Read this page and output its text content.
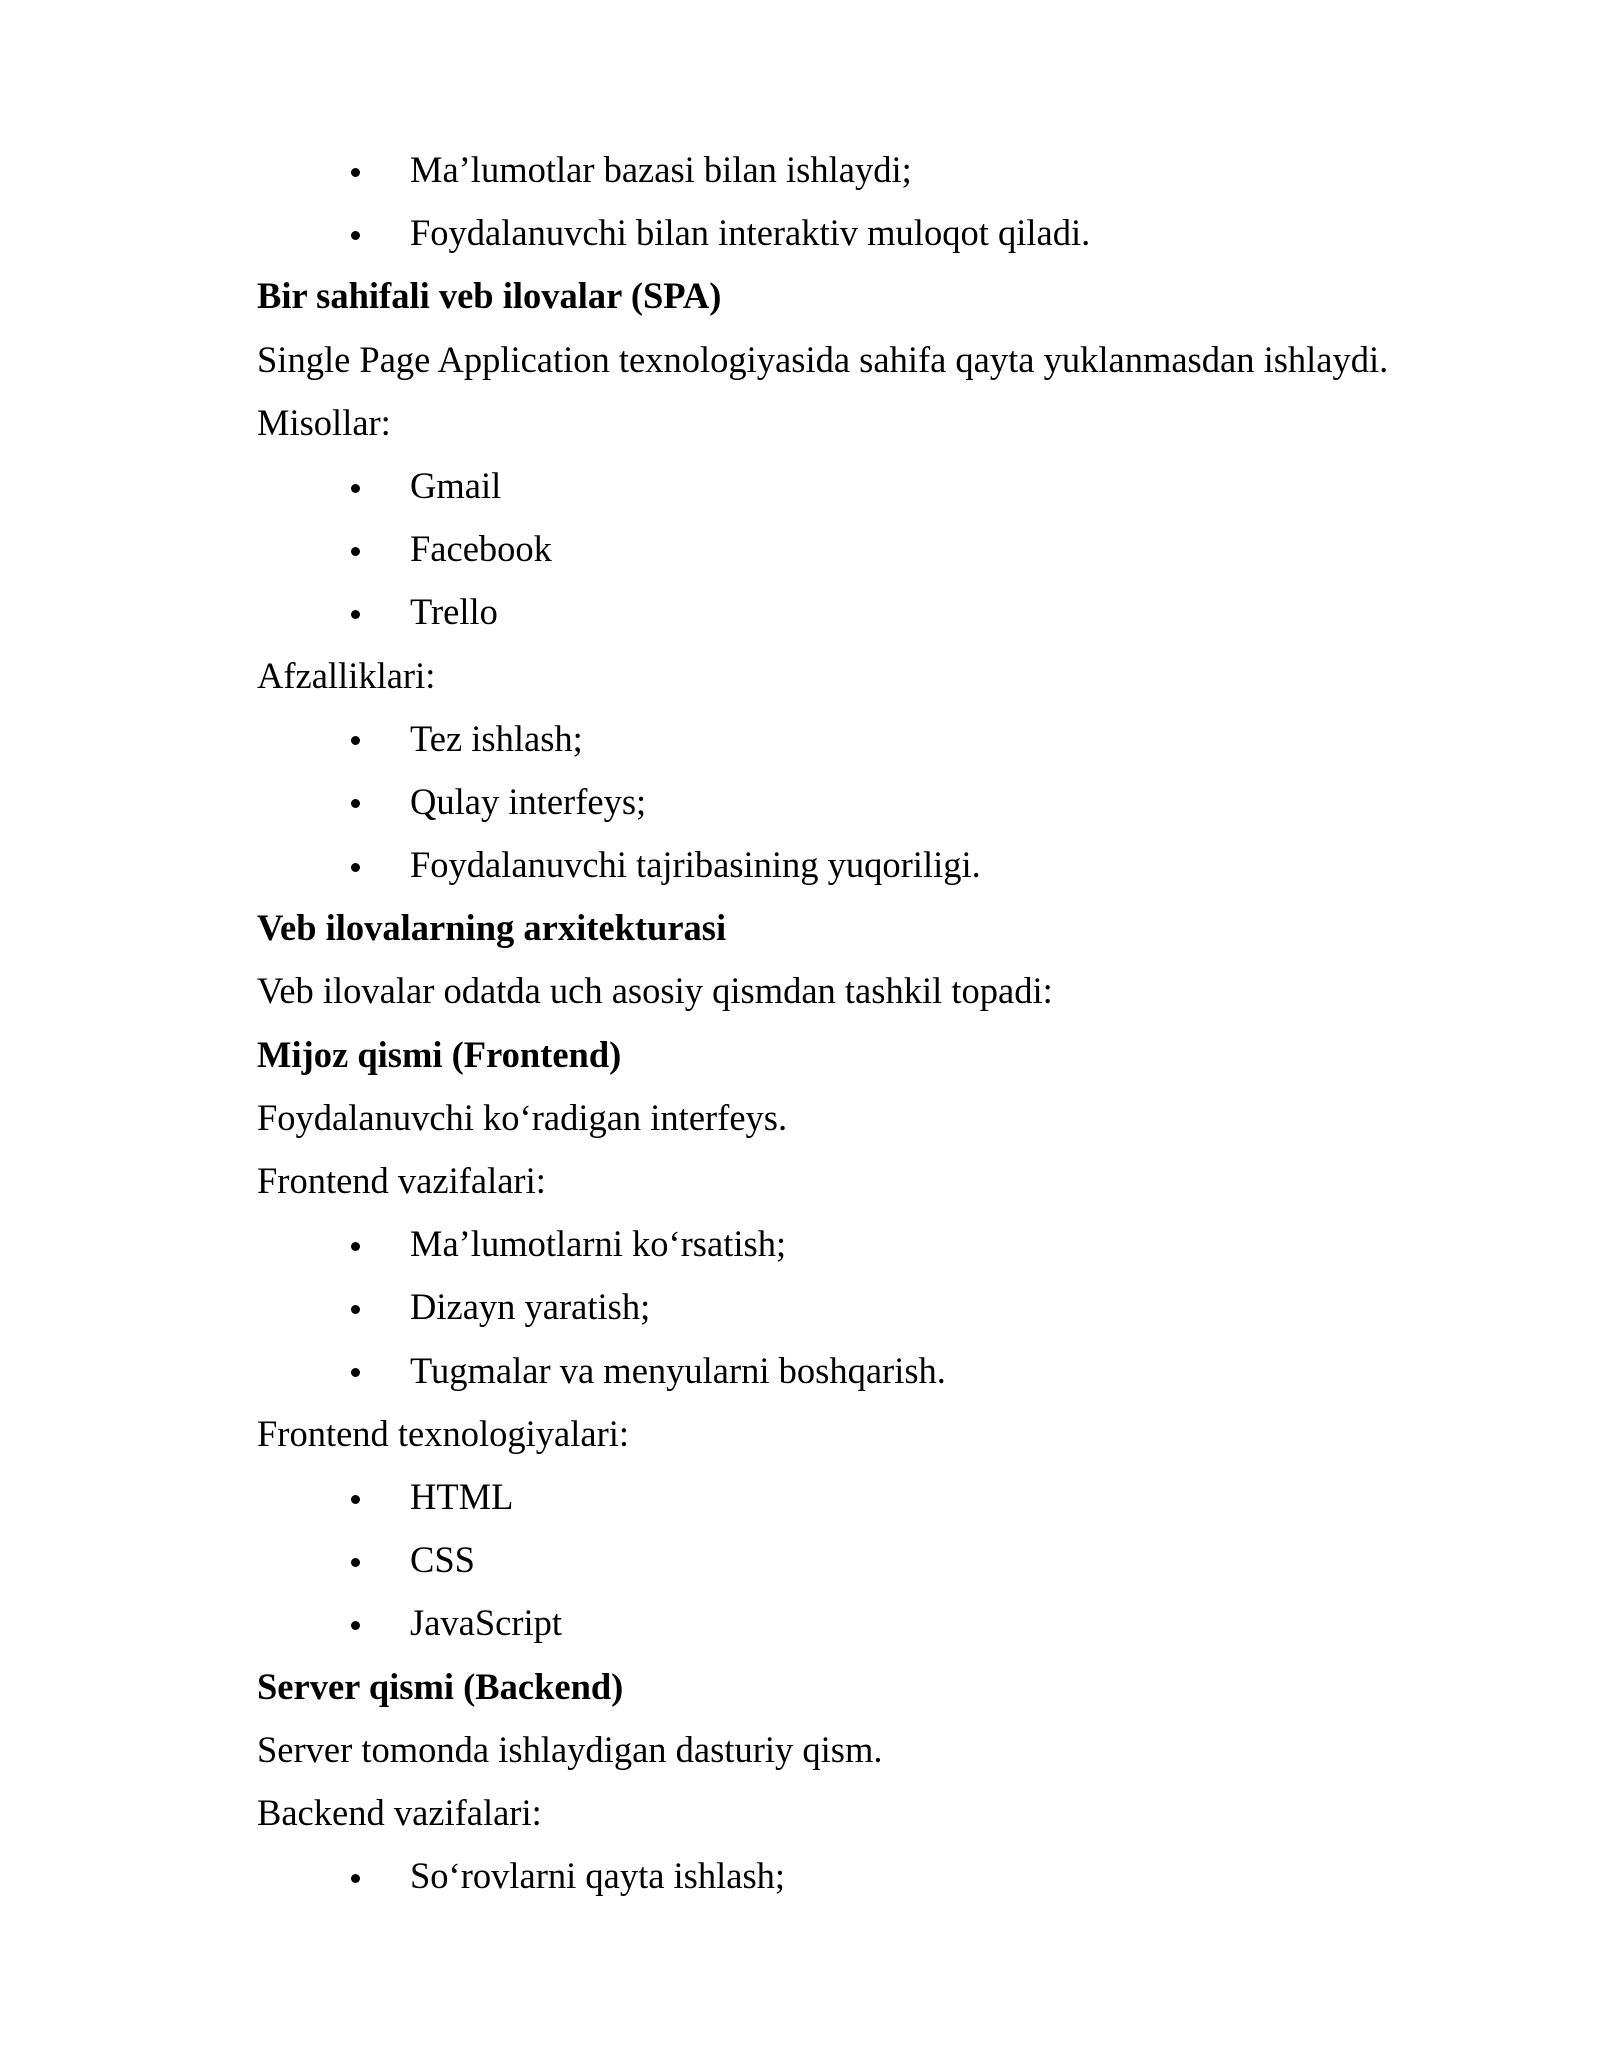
Ma’lumotlar bazasi bilan ishlaydi;
Foydalanuvchi bilan interaktiv muloqot qiladi.
Bir sahifali veb ilovalar (SPA)
Single Page Application texnologiyasida sahifa qayta yuklanmasdan ishlaydi.
Misollar:
Gmail
Facebook
Trello
Afzalliklari:
Tez ishlash;
Qulay interfeys;
Foydalanuvchi tajribasining yuqoriligi.
Veb ilovalarning arxitekturasi
Veb ilovalar odatda uch asosiy qismdan tashkil topadi:
Mijoz qismi (Frontend)
Foydalanuvchi ko‘radigan interfeys.
Frontend vazifalari:
Ma’lumotlarni ko‘rsatish;
Dizayn yaratish;
Tugmalar va menyularni boshqarish.
Frontend texnologiyalari:
HTML
CSS
JavaScript
Server qismi (Backend)
Server tomonda ishlaydigan dasturiy qism.
Backend vazifalari:
So‘rovlarni qayta ishlash;
